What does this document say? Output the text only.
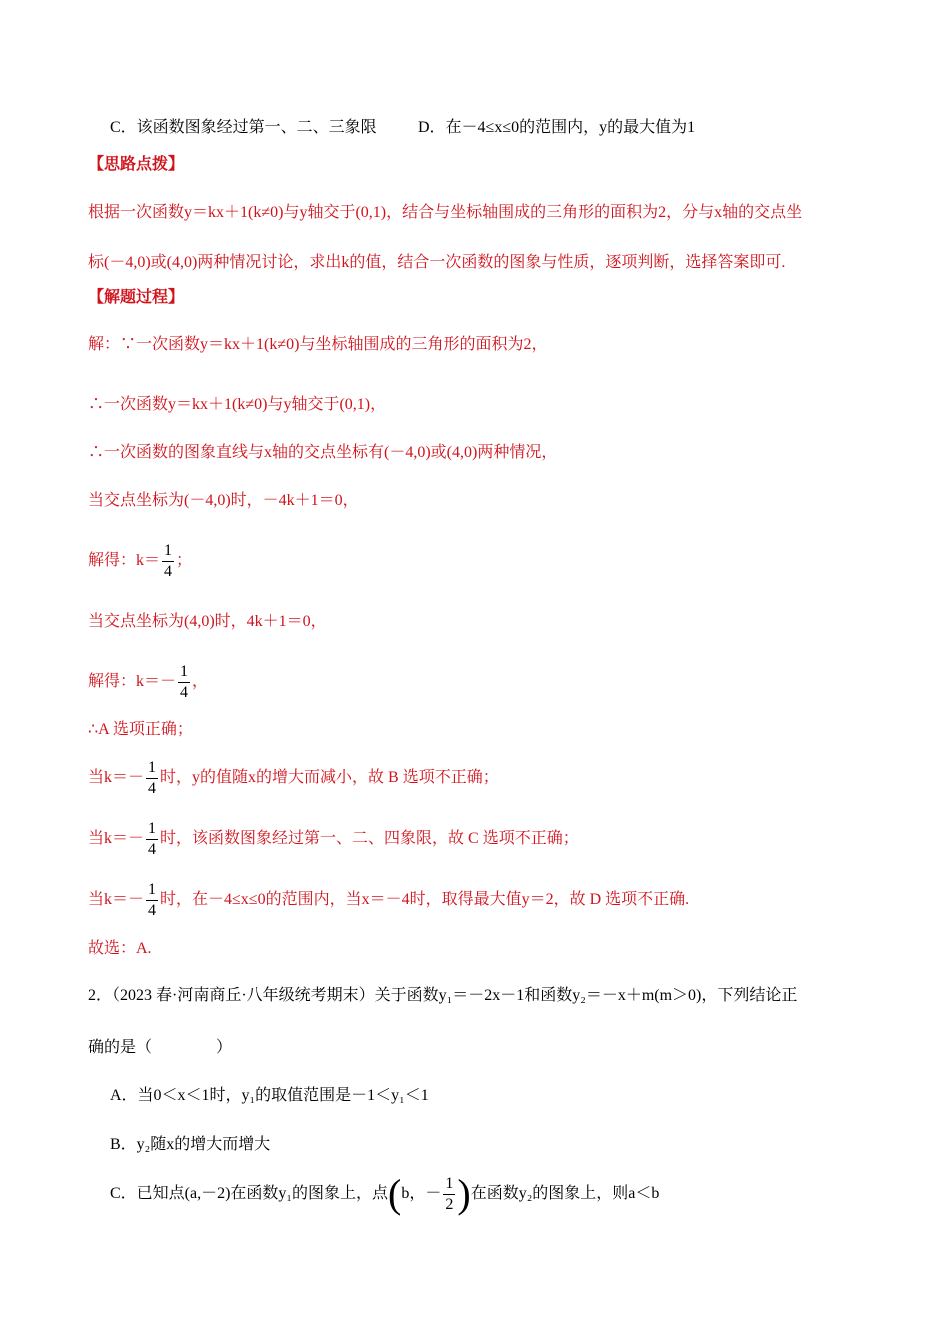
C．该函数图象经过第一、二、三象限	D．在－4≤x≤0的范围内，y的最大值为1
【思路点拨】
根据一次函数y＝kx＋1(k≠0)与y轴交于(0,1)，结合与坐标轴围成的三角形的面积为2，分与x轴的交点坐
标(－4,0)或(4,0)两种情况讨论，求出k的值，结合一次函数的图象与性质，逐项判断，选择答案即可.
【解题过程】
解：∵一次函数y＝kx＋1(k≠0)与坐标轴围成的三角形的面积为2，
∴一次函数y＝kx＋1(k≠0)与y轴交于(0,1)，
∴一次函数的图象直线与x轴的交点坐标有(－4,0)或(4,0)两种情况，
当交点坐标为(－4,0)时，－4k＋1＝0，
解得：$k= \frac{1}{4}$ ；
当交点坐标为(4,0)时，4k＋1＝0，
解得：$k=- \frac{1}{4}$ ，
∴A 选项正确；
当$k=- \frac{1}{4}$ 时，y的值随x的增大而减小，故 B 选项不正确；
当$k=- \frac{1}{4}$ 时，该函数图象经过第一、二、四象限，故 C 选项不正确；
当$k=- \frac{1}{4}$ 时，在－4≤x≤0的范围内，当x＝－4时，取得最大值y＝2，故 D 选项不正确.
故选：A.
2．（2023 春·河南商丘·八年级统考期末）关于函数y₁＝－2x－1和函数y₂＝－x＋m(m＞0)，下列结论正
确的是（　　　　）
A．当0＜x＜1时，y₁的取值范围是－1＜y₁＜1
B．y₂随x的增大而增大
C．已知点(a,－2)在函数y₁的图象上，点(b，－ $\frac{1}{2}$ )在函数y₂的图象上，则a＜b
